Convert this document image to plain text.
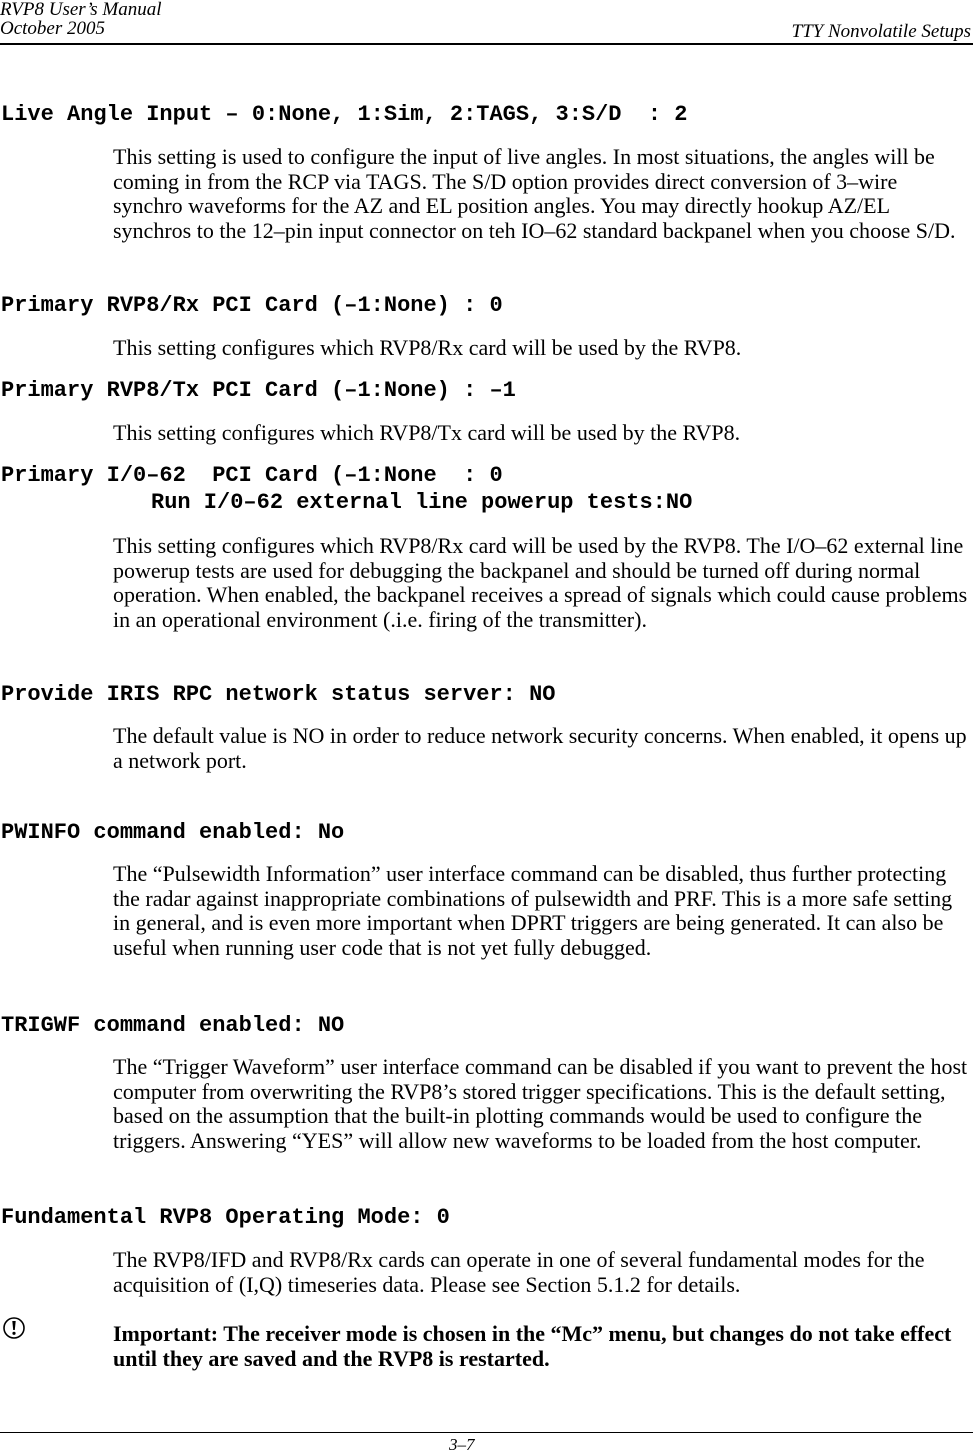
RVP8 User’s Manual
October 2005	TTY Nonvolatile Setups
Live Angle Input – 0:None, 1:Sim, 2:TAGS, 3:S/D  : 2
This setting is used to configure the input of live angles. In most situations, the angles will be coming in from the RCP via TAGS. The S/D option provides direct conversion of 3–wire synchro waveforms for the AZ and EL position angles. You may directly hookup AZ/EL synchros to the 12–pin input connector on teh IO–62 standard backpanel when you choose S/D.
Primary RVP8/Rx PCI Card (–1:None) : 0
This setting configures which RVP8/Rx card will be used by the RVP8.
Primary RVP8/Tx PCI Card (–1:None) : –1
This setting configures which RVP8/Tx card will be used by the RVP8.
Primary I/0–62  PCI Card (–1:None  : 0
Run I/0–62 external line powerup tests:NO
This setting configures which RVP8/Rx card will be used by the RVP8. The I/O–62 external line powerup tests are used for debugging the backpanel and should be turned off during normal operation. When enabled, the backpanel receives a spread of signals which could cause problems in an operational environment (.i.e. firing of the transmitter).
Provide IRIS RPC network status server: NO
The default value is NO in order to reduce network security concerns. When enabled, it opens up a network port.
PWINFO command enabled: No
The “Pulsewidth Information” user interface command can be disabled, thus further protecting the radar against inappropriate combinations of pulsewidth and PRF. This is a more safe setting in general, and is even more important when DPRT triggers are being generated. It can also be useful when running user code that is not yet fully debugged.
TRIGWF command enabled: NO
The “Trigger Waveform” user interface command can be disabled if you want to prevent the host computer from overwriting the RVP8’s stored trigger specifications. This is the default setting, based on the assumption that the built-in plotting commands would be used to configure the triggers. Answering “YES” will allow new waveforms to be loaded from the host computer.
Fundamental RVP8 Operating Mode: 0
The RVP8/IFD and RVP8/Rx cards can operate in one of several fundamental modes for the acquisition of (I,Q) timeseries data. Please see Section 5.1.2 for details.
Important: The receiver mode is chosen in the “Mc” menu, but changes do not take effect until they are saved and the RVP8 is restarted.
3–7
